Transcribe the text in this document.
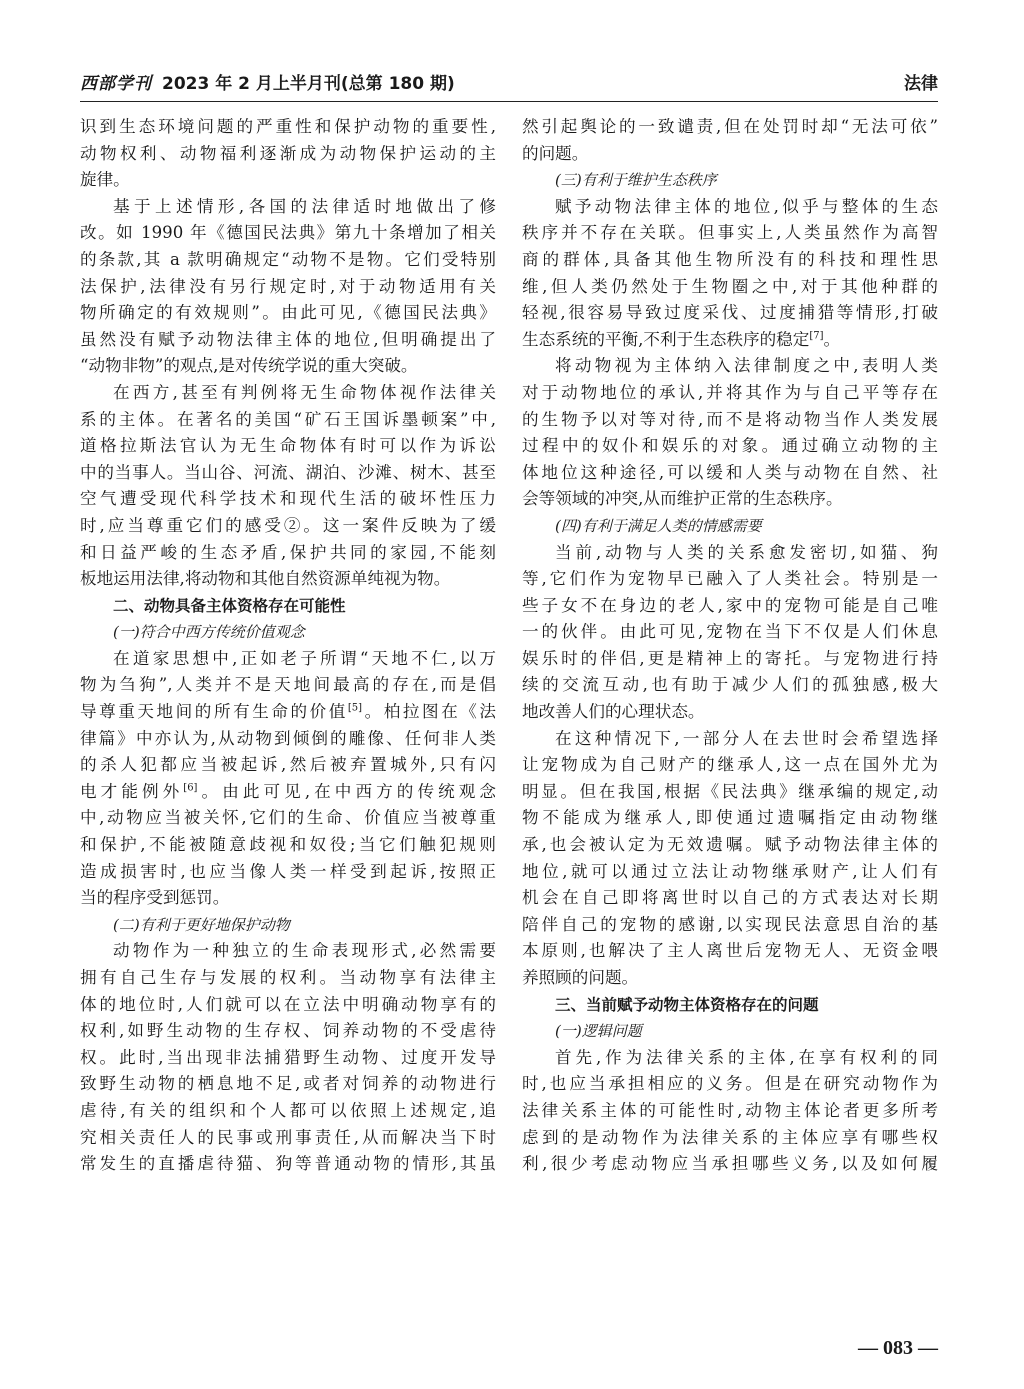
西部学刊 2023 年 2 月上半月刊(总第 180 期)	法律
识到生态环境问题的严重性和保护动物的重要性,
动物权利、动物福利逐渐成为动物保护运动的主
旋律。
基于上述情形,各国的法律适时地做出了修
改。如 1990 年《德国民法典》第九十条增加了相关
的条款,其 a 款明确规定“动物不是物。它们受特别
法保护,法律没有另行规定时,对于动物适用有关
物所确定的有效规则”。由此可见,《德国民法典》
虽然没有赋予动物法律主体的地位,但明确提出了
“动物非物”的观点,是对传统学说的重大突破。
在西方,甚至有判例将无生命物体视作法律关
系的主体。在著名的美国“矿石王国诉墨顿案”中,
道格拉斯法官认为无生命物体有时可以作为诉讼
中的当事人。当山谷、河流、湖泊、沙滩、树木、甚至
空气遭受现代科学技术和现代生活的破坏性压力
时,应当尊重它们的感受②。这一案件反映为了缓
和日益严峻的生态矛盾,保护共同的家园,不能刻
板地运用法律,将动物和其他自然资源单纯视为物。
二、动物具备主体资格存在可能性
(一)符合中西方传统价值观念
在道家思想中,正如老子所谓“天地不仁,以万
物为刍狗”,人类并不是天地间最高的存在,而是倡
导尊重天地间的所有生命的价值[5]。柏拉图在《法
律篇》中亦认为,从动物到倾倒的雕像、任何非人类
的杀人犯都应当被起诉,然后被弃置城外,只有闪
电才能例外[6]。由此可见,在中西方的传统观念
中,动物应当被关怀,它们的生命、价值应当被尊重
和保护,不能被随意歧视和奴役;当它们触犯规则
造成损害时,也应当像人类一样受到起诉,按照正
当的程序受到惩罚。
(二)有利于更好地保护动物
动物作为一种独立的生命表现形式,必然需要
拥有自己生存与发展的权利。当动物享有法律主
体的地位时,人们就可以在立法中明确动物享有的
权利,如野生动物的生存权、饲养动物的不受虐待
权。此时,当出现非法捕猎野生动物、过度开发导
致野生动物的栖息地不足,或者对饲养的动物进行
虐待,有关的组织和个人都可以依照上述规定,追
究相关责任人的民事或刑事责任,从而解决当下时
常发生的直播虐待猫、狗等普通动物的情形,其虽
然引起舆论的一致谴责,但在处罚时却“无法可依”
的问题。
(三)有利于维护生态秩序
赋予动物法律主体的地位,似乎与整体的生态
秩序并不存在关联。但事实上,人类虽然作为高智
商的群体,具备其他生物所没有的科技和理性思
维,但人类仍然处于生物圈之中,对于其他种群的
轻视,很容易导致过度采伐、过度捕猎等情形,打破
生态系统的平衡,不利于生态秩序的稳定[7]。
将动物视为主体纳入法律制度之中,表明人类
对于动物地位的承认,并将其作为与自己平等存在
的生物予以对等对待,而不是将动物当作人类发展
过程中的奴仆和娱乐的对象。通过确立动物的主
体地位这种途径,可以缓和人类与动物在自然、社
会等领域的冲突,从而维护正常的生态秩序。
(四)有利于满足人类的情感需要
当前,动物与人类的关系愈发密切,如猫、狗
等,它们作为宠物早已融入了人类社会。特别是一
些子女不在身边的老人,家中的宠物可能是自己唯
一的伙伴。由此可见,宠物在当下不仅是人们休息
娱乐时的伴侣,更是精神上的寄托。与宠物进行持
续的交流互动,也有助于减少人们的孤独感,极大
地改善人们的心理状态。
在这种情况下,一部分人在去世时会希望选择
让宠物成为自己财产的继承人,这一点在国外尤为
明显。但在我国,根据《民法典》继承编的规定,动
物不能成为继承人,即使通过遗嘱指定由动物继
承,也会被认定为无效遗嘱。赋予动物法律主体的
地位,就可以通过立法让动物继承财产,让人们有
机会在自己即将离世时以自己的方式表达对长期
陪伴自己的宠物的感谢,以实现民法意思自治的基
本原则,也解决了主人离世后宠物无人、无资金喂
养照顾的问题。
三、当前赋予动物主体资格存在的问题
(一)逻辑问题
首先,作为法律关系的主体,在享有权利的同
时,也应当承担相应的义务。但是在研究动物作为
法律关系主体的可能性时,动物主体论者更多所考
虑到的是动物作为法律关系的主体应享有哪些权
利,很少考虑动物应当承担哪些义务,以及如何履
— 083 —
